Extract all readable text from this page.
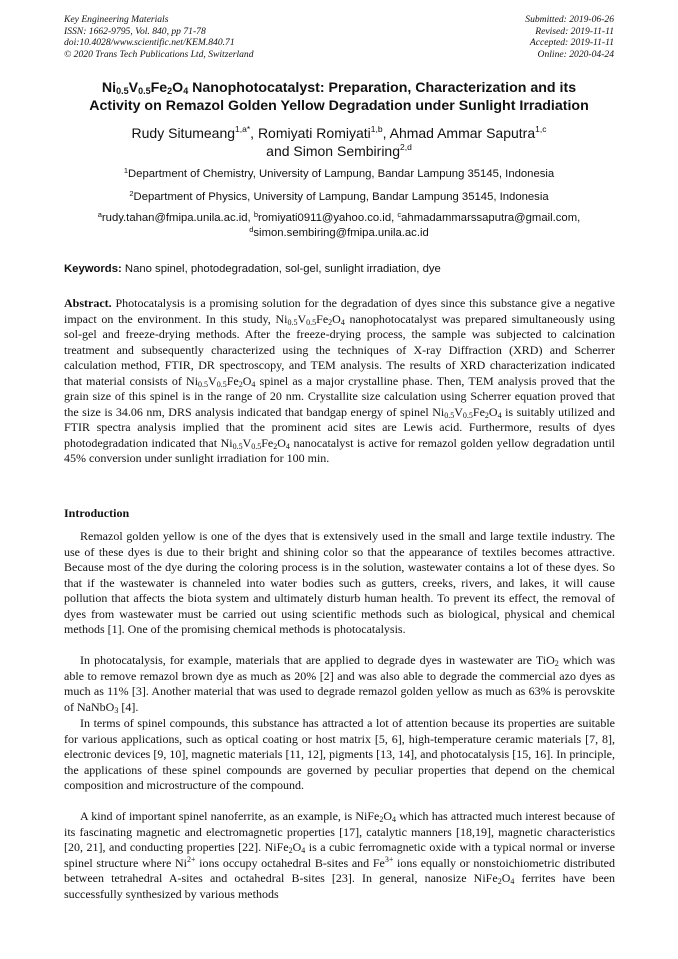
Key Engineering Materials
ISSN: 1662-9795, Vol. 840, pp 71-78
doi:10.4028/www.scientific.net/KEM.840.71
© 2020 Trans Tech Publications Ltd, Switzerland
Submitted: 2019-06-26
Revised: 2019-11-11
Accepted: 2019-11-11
Online: 2020-04-24
$Ni_{0.5}V_{0.5}Fe_2O_4$ Nanophotocatalyst: Preparation, Characterization and its
Activity on Remazol Golden Yellow Degradation under Sunlight Irradiation
Rudy Situmeang$^{1,a*}$, Romiyati Romiyati$^{1,b}$, Ahmad Ammar Saputra$^{1,c}$
and Simon Sembiring$^{2,d}$
$^1$Department of Chemistry, University of Lampung, Bandar Lampung 35145, Indonesia
$^2$Department of Physics, University of Lampung, Bandar Lampung 35145, Indonesia
$^a$rudy.tahan@fmipa.unila.ac.id, $^b$romiyati0911@yahoo.co.id, $^c$ahmadammarssaputra@gmail.com,
$^d$simon.sembiring@fmipa.unila.ac.id
Keywords: Nano spinel, photodegradation, sol-gel, sunlight irradiation, dye
Abstract. Photocatalysis is a promising solution for the degradation of dyes since this substance give a negative impact on the environment. In this study, $Ni_{0.5}V_{0.5}Fe_2O_4$ nanophotocatalyst was prepared simultaneously using sol-gel and freeze-drying methods. After the freeze-drying process, the sample was subjected to calcination treatment and subsequently characterized using the techniques of X-ray Diffraction (XRD) and Scherrer calculation method, FTIR, DR spectroscopy, and TEM analysis. The results of XRD characterization indicated that material consists of $Ni_{0.5}V_{0.5}Fe_2O_4$ spinel as a major crystalline phase. Then, TEM analysis proved that the grain size of this spinel is in the range of 20 nm. Crystallite size calculation using Scherrer equation proved that the size is 34.06 nm, DRS analysis indicated that bandgap energy of spinel $Ni_{0.5}V_{0.5}Fe_2O_4$ is suitably utilized and FTIR spectra analysis implied that the prominent acid sites are Lewis acid. Furthermore, results of dyes photodegradation indicated that $Ni_{0.5}V_{0.5}Fe_2O_4$ nanocatalyst is active for remazol golden yellow degradation until 45% conversion under sunlight irradiation for 100 min.
Introduction
Remazol golden yellow is one of the dyes that is extensively used in the small and large textile industry. The use of these dyes is due to their bright and shining color so that the appearance of textiles becomes attractive. Because most of the dye during the coloring process is in the solution, wastewater contains a lot of these dyes. So that if the wastewater is channeled into water bodies such as gutters, creeks, rivers, and lakes, it will cause pollution that affects the biota system and ultimately disturb human health. To prevent its effect, the removal of dyes from wastewater must be carried out using scientific methods such as biological, physical and chemical methods [1]. One of the promising chemical methods is photocatalysis.
In photocatalysis, for example, materials that are applied to degrade dyes in wastewater are TiO$_2$ which was able to remove remazol brown dye as much as 20% [2] and was also able to degrade the commercial azo dyes as much as 11% [3]. Another material that was used to degrade remazol golden yellow as much as 63% is perovskite of NaNbO$_3$ [4].
In terms of spinel compounds, this substance has attracted a lot of attention because its properties are suitable for various applications, such as optical coating or host matrix [5, 6], high-temperature ceramic materials [7, 8], electronic devices [9, 10], magnetic materials [11, 12], pigments [13, 14], and photocatalysis [15, 16]. In principle, the applications of these spinel compounds are governed by peculiar properties that depend on the chemical composition and microstructure of the compound.
A kind of important spinel nanoferrite, as an example, is $NiFe_2O_4$ which has attracted much interest because of its fascinating magnetic and electromagnetic properties [17], catalytic manners [18,19], magnetic characteristics [20, 21], and conducting properties [22]. $NiFe_2O_4$ is a cubic ferromagnetic oxide with a typical normal or inverse spinel structure where $Ni^{2+}$ ions occupy octahedral B-sites and $Fe^{3+}$ ions equally or nonstoichiometric distributed between tetrahedral A-sites and octahedral B-sites [23]. In general, nanosize $NiFe_2O_4$ ferrites have been successfully synthesized by various methods
